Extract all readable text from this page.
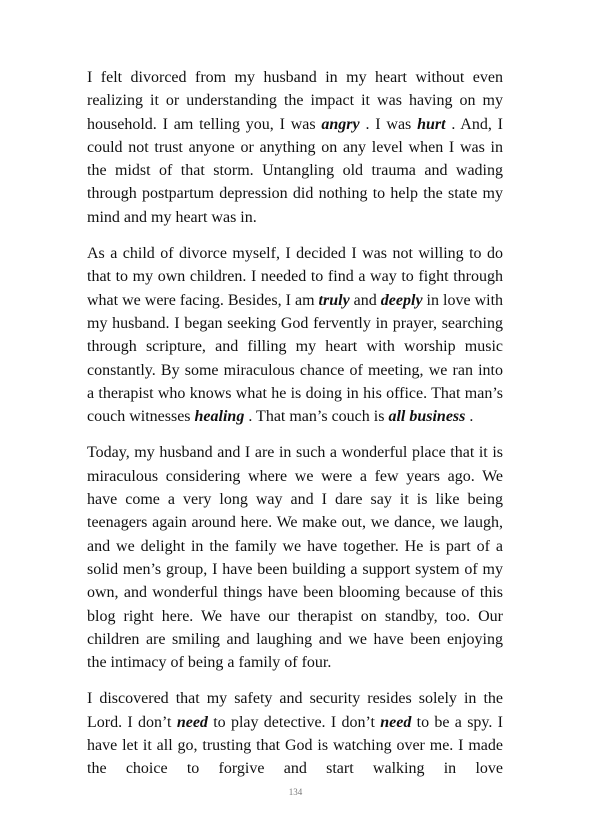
I felt divorced from my husband in my heart without even realizing it or understanding the impact it was having on my household. I am telling you, I was angry . I was hurt . And, I could not trust anyone or anything on any level when I was in the midst of that storm. Untangling old trauma and wading through postpartum depression did nothing to help the state my mind and my heart was in.

As a child of divorce myself, I decided I was not willing to do that to my own children. I needed to find a way to fight through what we were facing. Besides, I am truly and deeply in love with my husband. I began seeking God fervently in prayer, searching through scripture, and filling my heart with worship music constantly. By some miraculous chance of meeting, we ran into a therapist who knows what he is doing in his office. That man’s couch witnesses healing . That man’s couch is all business .

Today, my husband and I are in such a wonderful place that it is miraculous considering where we were a few years ago. We have come a very long way and I dare say it is like being teenagers again around here. We make out, we dance, we laugh, and we delight in the family we have together. He is part of a solid men’s group, I have been building a support system of my own, and wonderful things have been blooming because of this blog right here. We have our therapist on standby, too. Our children are smiling and laughing and we have been enjoying the intimacy of being a family of four.

I discovered that my safety and security resides solely in the Lord. I don’t need to play detective. I don’t need to be a spy. I have let it all go, trusting that God is watching over me. I made the choice to forgive and start walking in love

134
